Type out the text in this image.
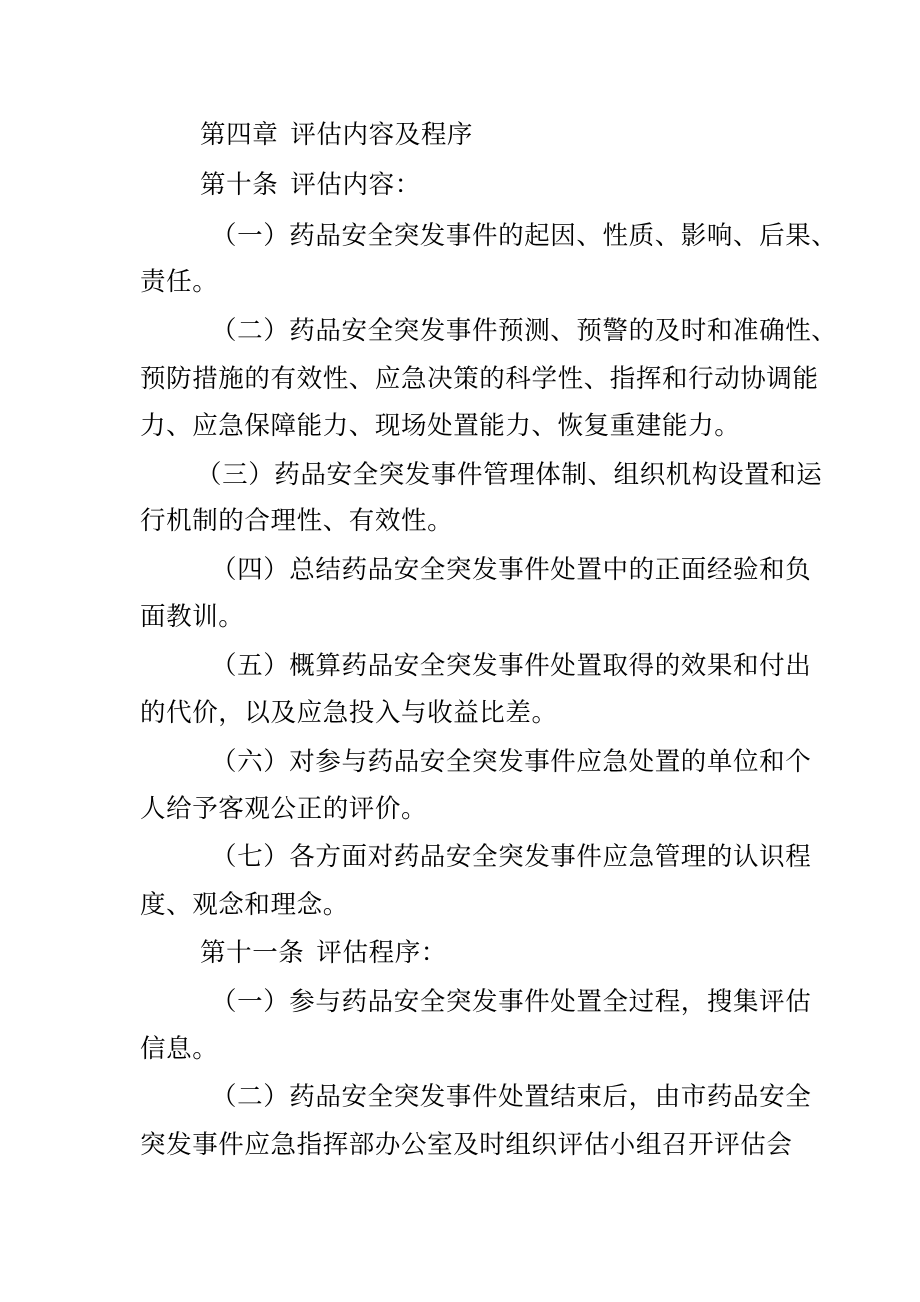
第四章 评估内容及程序
第十条 评估内容：
（一）药品安全突发事件的起因、性质、影响、后果、
责任。
（二）药品安全突发事件预测、预警的及时和准确性、
预防措施的有效性、应急决策的科学性、指挥和行动协调能
力、应急保障能力、现场处置能力、恢复重建能力。
（三）药品安全突发事件管理体制、组织机构设置和运
行机制的合理性、有效性。
（四）总结药品安全突发事件处置中的正面经验和负
面教训。
（五）概算药品安全突发事件处置取得的效果和付出
的代价，以及应急投入与收益比差。
（六）对参与药品安全突发事件应急处置的单位和个
人给予客观公正的评价。
（七）各方面对药品安全突发事件应急管理的认识程
度、观念和理念。
第十一条 评估程序：
（一）参与药品安全突发事件处置全过程，搜集评估
信息。
（二）药品安全突发事件处置结束后，由市药品安全
突发事件应急指挥部办公室及时组织评估小组召开评估会
